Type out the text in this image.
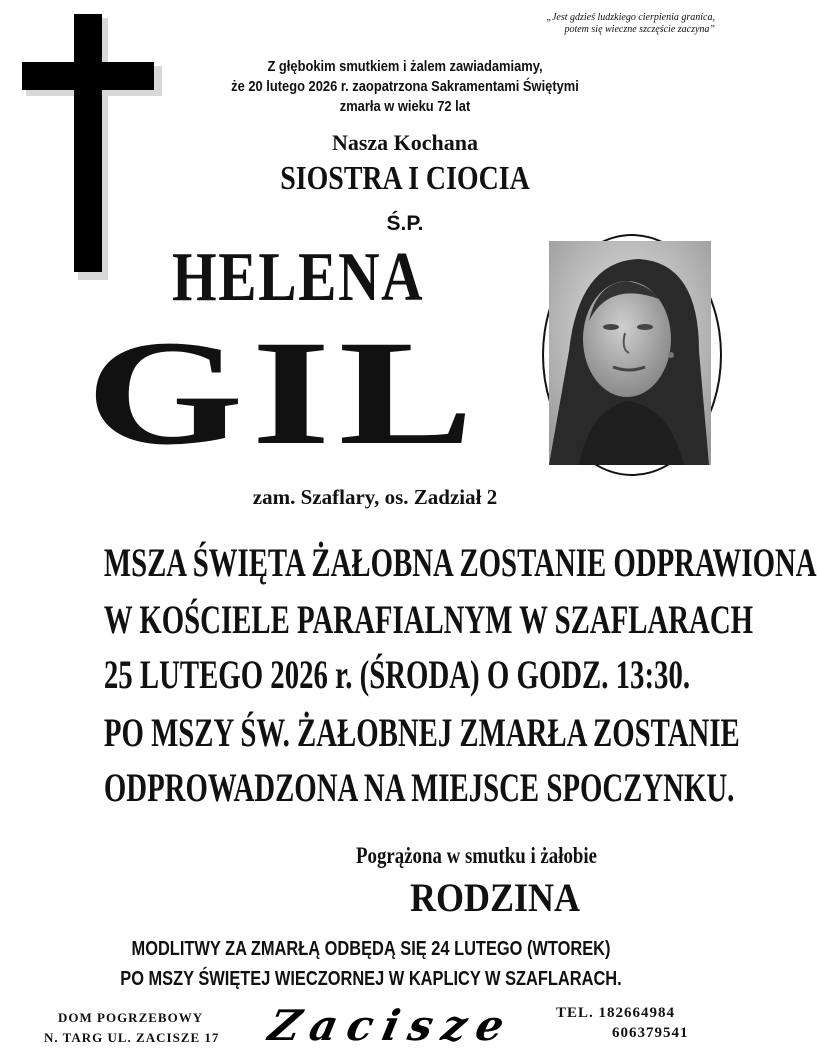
„Jest gdzieś ludzkiego cierpienia granica,
potem się wieczne szczęście zaczyna”
Z głębokim smutkiem i żalem zawiadamiamy,
że 20 lutego 2026 r. zaopatrzona Sakramentami Świętymi
zmarła w wieku 72 lat
Nasza Kochana
SIOSTRA I CIOCIA
Ś.P.
HELENA
GIL
zam. Szaflary, os. Zadział 2
MSZA ŚWIĘTA ŻAŁOBNA ZOSTANIE ODPRAWIONA
W KOŚCIELE PARAFIALNYM W SZAFLARACH
25 LUTEGO 2026 r. (ŚRODA) O GODZ. 13:30.
PO MSZY ŚW. ŻAŁOBNEJ ZMARŁA ZOSTANIE
ODPROWADZONA NA MIEJSCE SPOCZYNKU.
Pogrążona w smutku i żałobie
RODZINA
MODLITWY ZA ZMARŁĄ ODBĘDĄ SIĘ 24 LUTEGO (WTOREK)
PO MSZY ŚWIĘTEJ WIECZORNEJ W KAPLICY W SZAFLARACH.
DOM POGRZEBOWY
N. TARG UL. ZACISZE 17 Zacisze	TEL. 182664984
606379541
